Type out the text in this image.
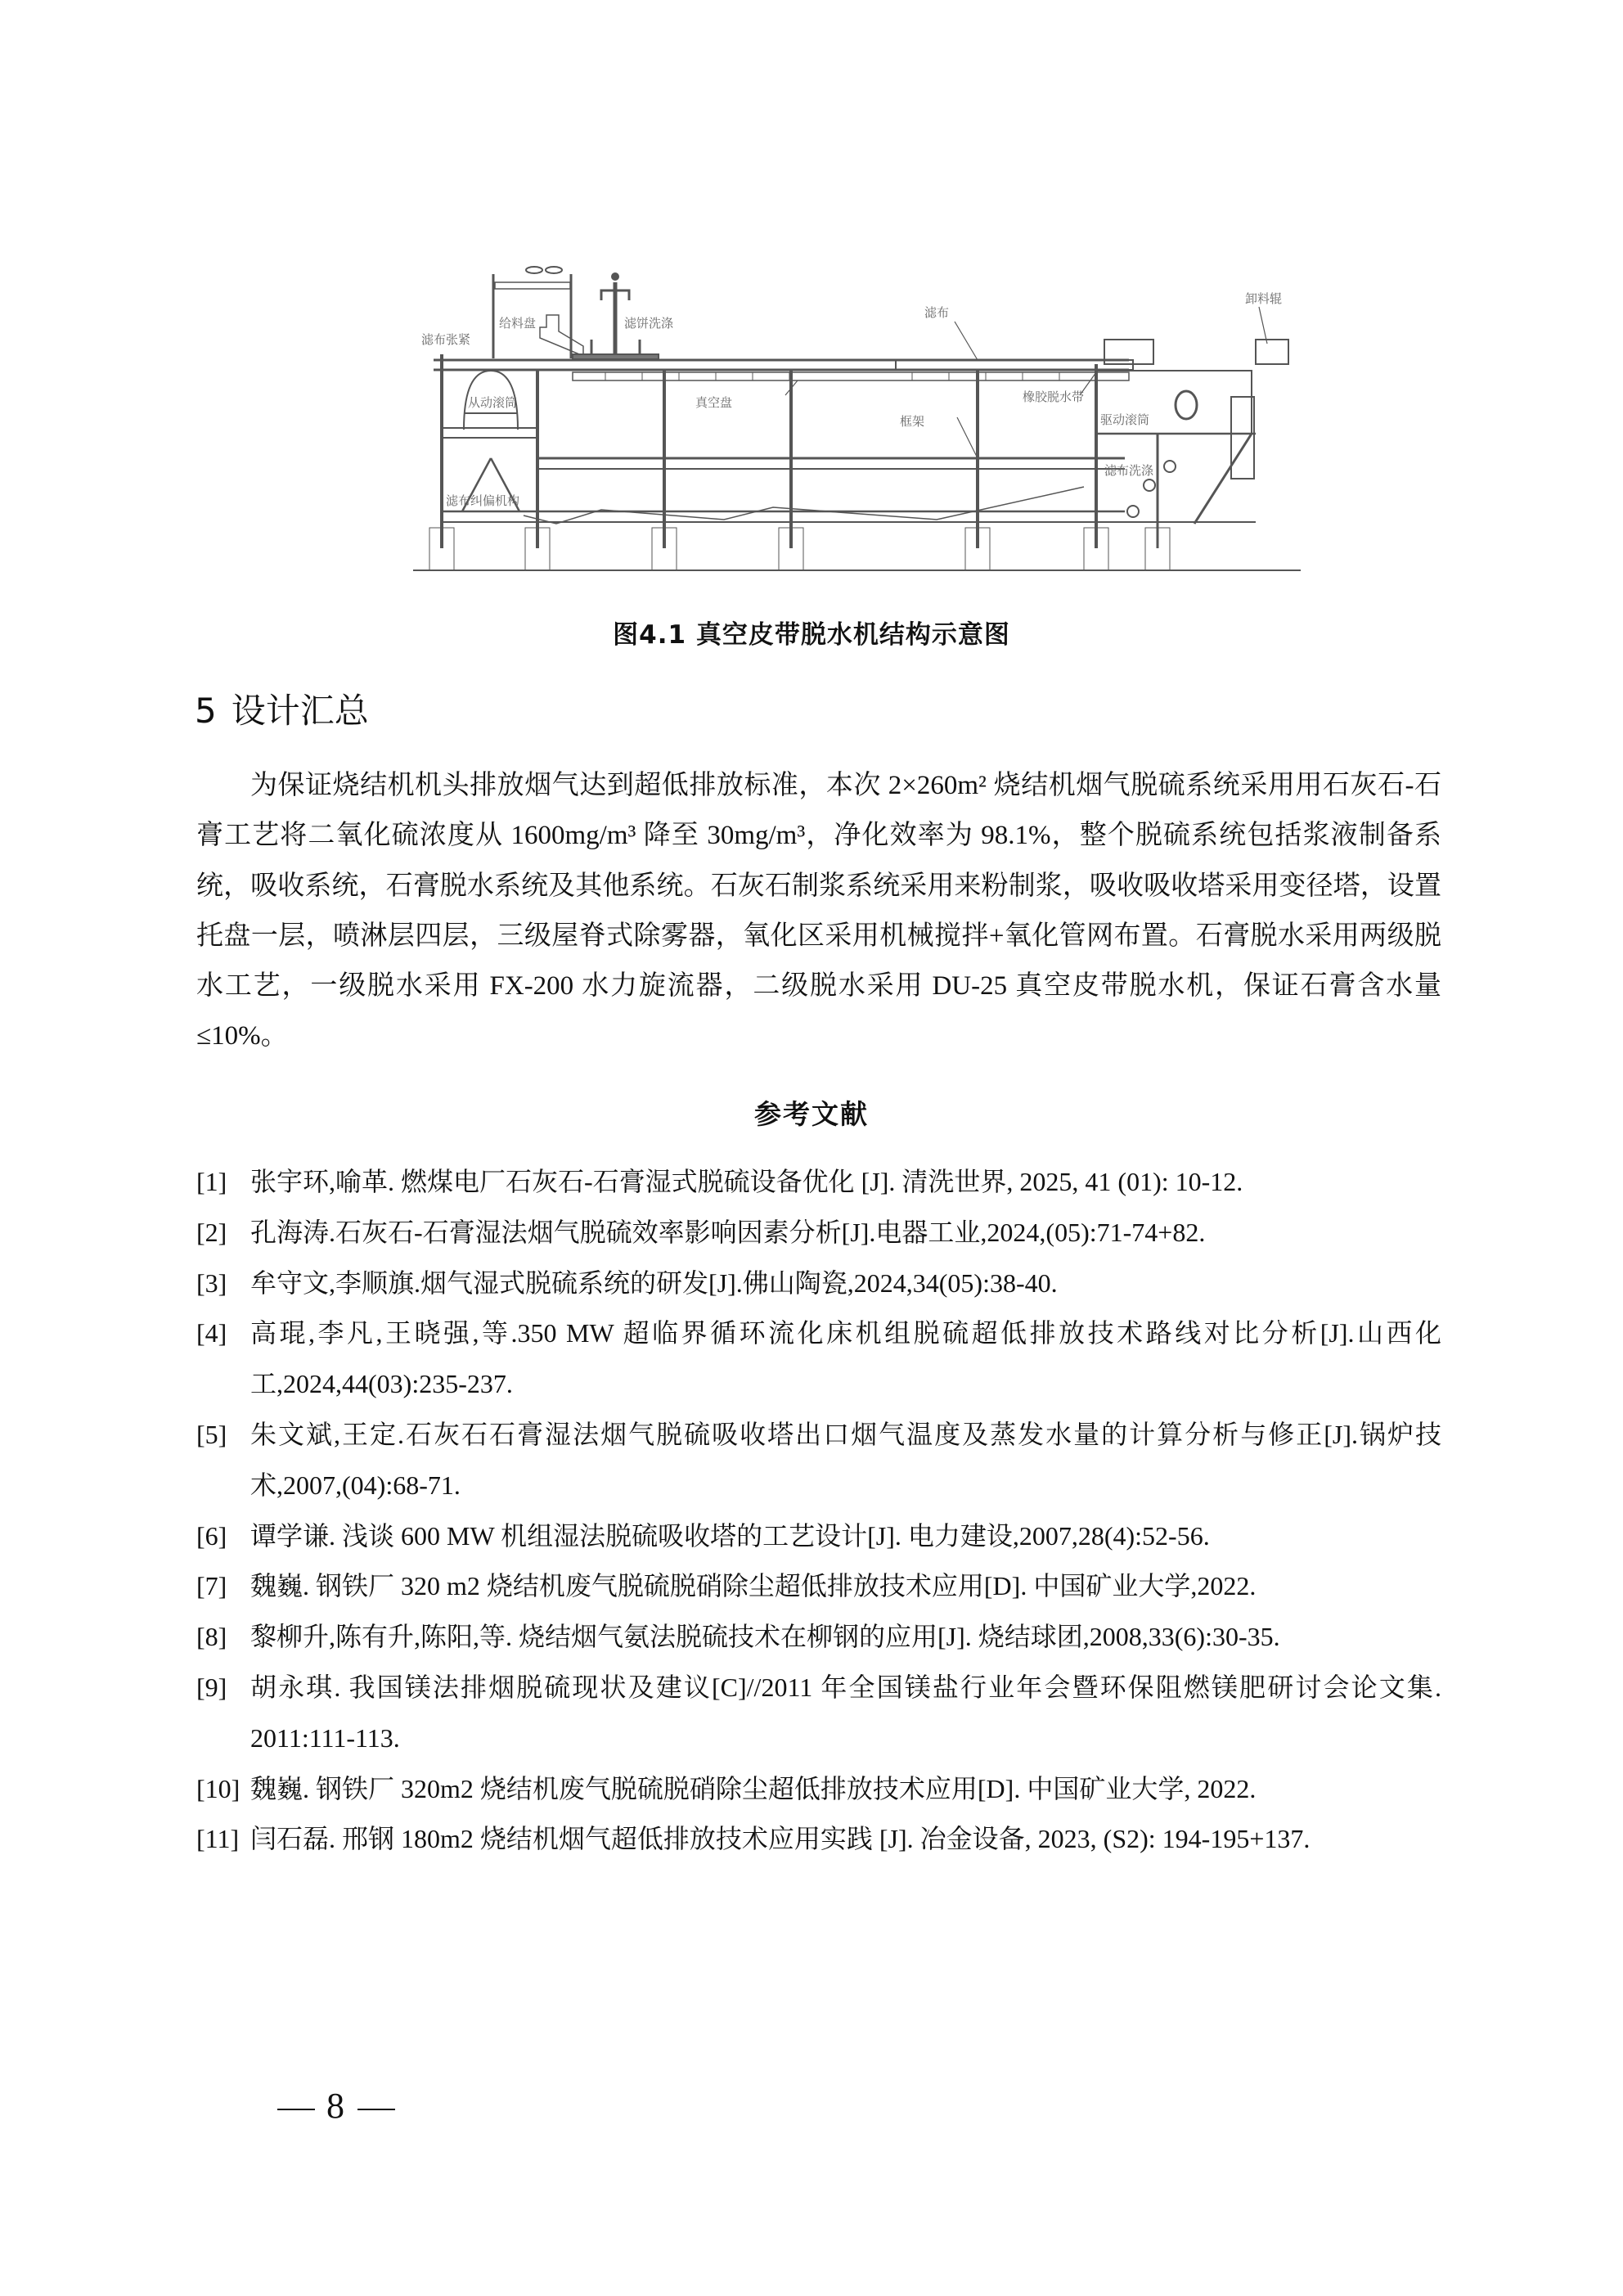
滤布张紧
给料盘	滤饼洗涤
滤布
卸料辊
从动滚筒	真空盘	橡胶脱水带
驱动滚筒
框架
滤布洗涤
滤布纠偏机构
图4.1 真空皮带脱水机结构示意图
5 设计汇总

为保证烧结机机头排放烟气达到超低排放标准，本次 2×260m² 烧结机烟气脱硫系统采用用石灰石-石膏工艺将二氧化硫浓度从 1600mg/m³ 降至 30mg/m³，净化效率为 98.1%，整个脱硫系统包括浆液制备系统，吸收系统，石膏脱水系统及其他系统。石灰石制浆系统采用来粉制浆，吸收吸收塔采用变径塔，设置托盘一层，喷淋层四层，三级屋脊式除雾器，氧化区采用机械搅拌+氧化管网布置。石膏脱水采用两级脱水工艺，一级脱水采用 FX-200 水力旋流器，二级脱水采用 DU-25 真空皮带脱水机，保证石膏含水量≤10%。

参考文献
[1] 张宇环,喻革. 燃煤电厂石灰石-石膏湿式脱硫设备优化 [J]. 清洗世界, 2025, 41 (01): 10-12.
[2] 孔海涛.石灰石-石膏湿法烟气脱硫效率影响因素分析[J].电器工业,2024,(05):71-74+82.
[3] 牟守文,李顺旗.烟气湿式脱硫系统的研发[J].佛山陶瓷,2024,34(05):38-40.
[4] 高琨,李凡,王晓强,等.350 MW 超临界循环流化床机组脱硫超低排放技术路线对比分析[J].山西化工,2024,44(03):235-237.
[5] 朱文斌,王定.石灰石石膏湿法烟气脱硫吸收塔出口烟气温度及蒸发水量的计算分析与修正[J].锅炉技术,2007,(04):68-71.
[6] 谭学谦. 浅谈 600 MW 机组湿法脱硫吸收塔的工艺设计[J]. 电力建设,2007,28(4):52-56.
[7] 魏巍. 钢铁厂 320 m2 烧结机废气脱硫脱硝除尘超低排放技术应用[D]. 中国矿业大学,2022.
[8] 黎柳升,陈有升,陈阳,等. 烧结烟气氨法脱硫技术在柳钢的应用[J]. 烧结球团,2008,33(6):30-35.
[9] 胡永琪. 我国镁法排烟脱硫现状及建议[C]//2011 年全国镁盐行业年会暨环保阻燃镁肥研讨会论文集. 2011:111-113.
[10] 魏巍. 钢铁厂 320m2 烧结机废气脱硫脱硝除尘超低排放技术应用[D]. 中国矿业大学, 2022.
[11] 闫石磊. 邢钢 180m2 烧结机烟气超低排放技术应用实践 [J]. 冶金设备, 2023, (S2): 194-195+137.
8
